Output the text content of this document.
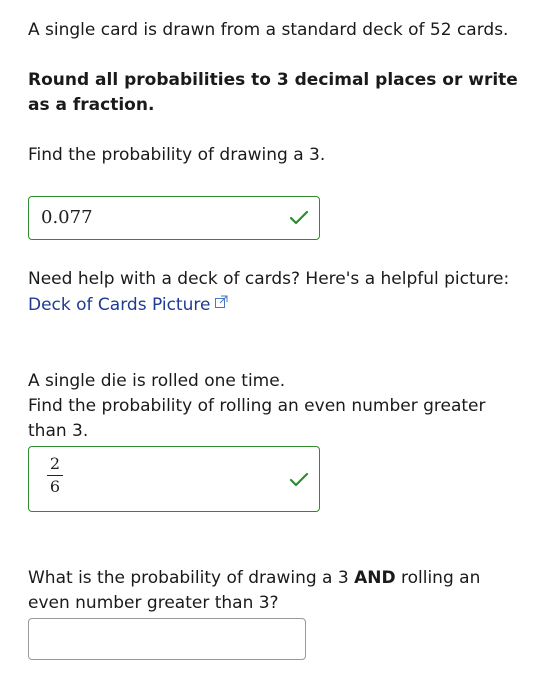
A single card is drawn from a standard deck of 52 cards.

Round all probabilities to 3 decimal places or write as a fraction.

Find the probability of drawing a 3.

0.077
Need help with a deck of cards? Here's a helpful picture: Deck of Cards Picture

A single die is rolled one time.

Find the probability of rolling an even number greater than 3.

2
6
What is the probability of drawing a 3 AND rolling an even number greater than 3?
